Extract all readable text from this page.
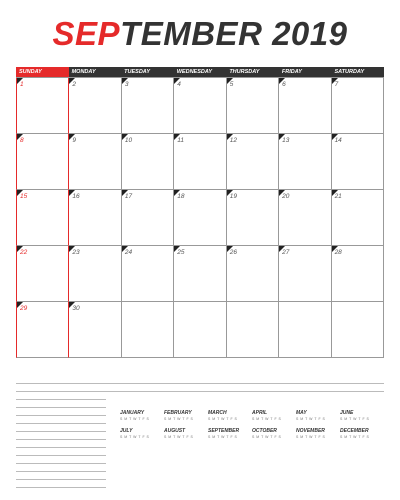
SEPTEMBER 2019
SUNDAY	MONDAY	TUESDAY	WEDNESDAY	THURSDAY	FRIDAY	SATURDAY
1	2	3	4	5	6	7
8	9	10	11	12	13	14
15	16	17	18	19	20	21
22	23	24	25	26	27	28
29	30
JANUARY
S M T W T F S
FEBRUARY
S M T W T F S
MARCH
S M T W T F S
APRIL
S M T W T F S
MAY
S M T W T F S
JUNE
S M T W T F S
JULY
S M T W T F S
AUGUST
S M T W T F S
SEPTEMBER
S M T W T F S
OCTOBER
S M T W T F S
NOVEMBER
S M T W T F S
DECEMBER
S M T W T F S
